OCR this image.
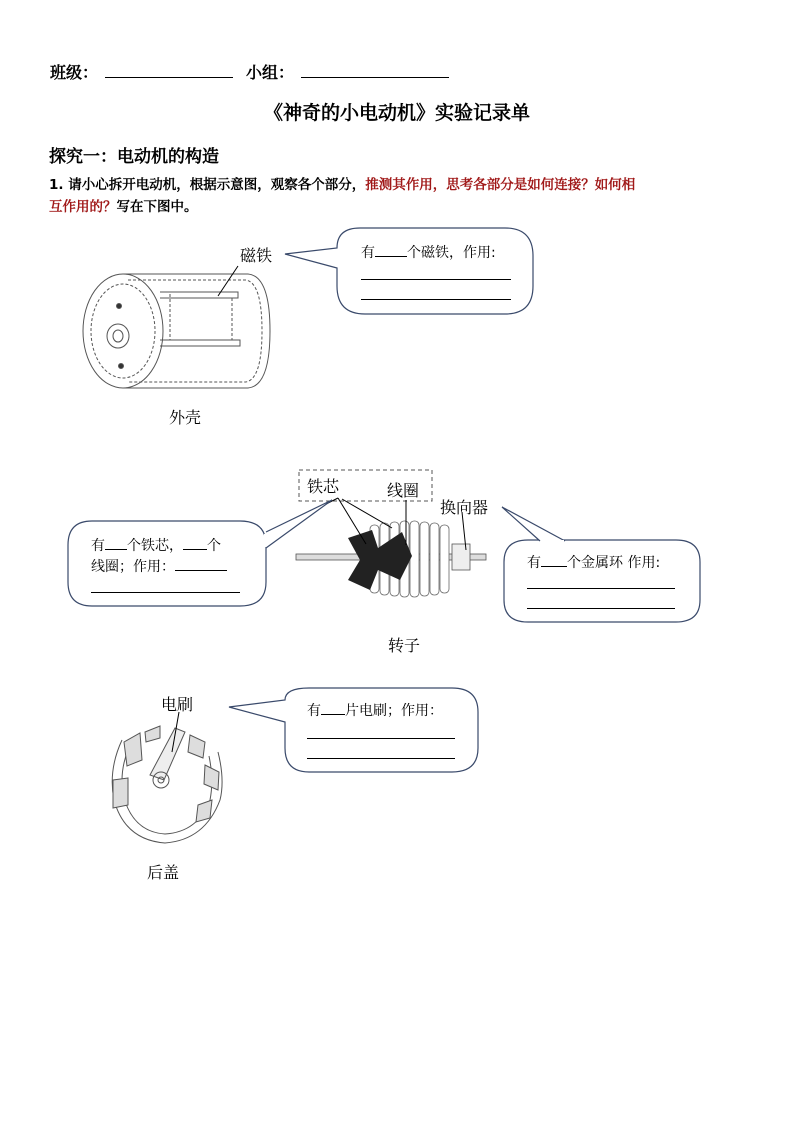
班级：	小组：
《神奇的小电动机》实验记录单
探究一：电动机的构造
1. 请小心拆开电动机，根据示意图，观察各个部分，推测其作用，思考各部分是如何连接？如何相
互作用的？写在下图中。
磁铁
外壳
有 个磁铁，作用:
铁芯	线圈
换向器
转子
有 个铁芯， 个
线圈；作用：	有 个金属环 作用:
电刷
后盖
有 片电刷；作用：
